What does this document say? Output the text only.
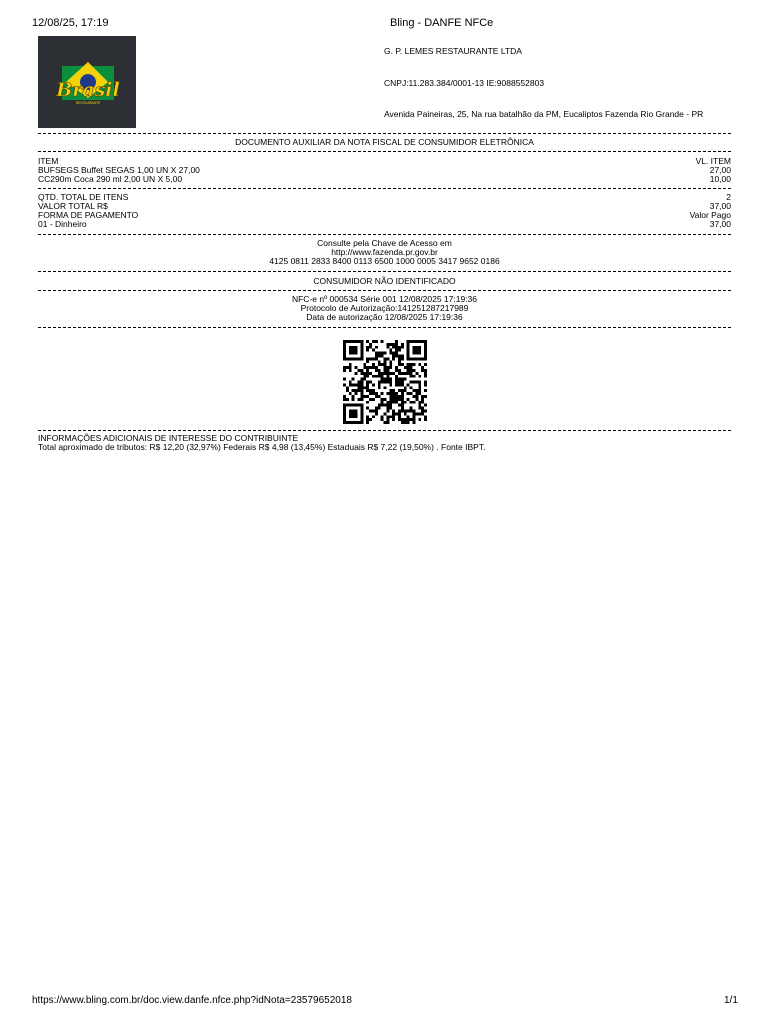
12/08/25, 17:19	Bling - DANFE NFCe
Brasil
RESTAURANTE
G. P. LEMES RESTAURANTE LTDA
CNPJ:11.283.384/0001-13 IE:9088552803
Avenida Paineiras, 25, Na rua batalhão da PM, Eucaliptos Fazenda Rio Grande - PR
DOCUMENTO AUXILIAR DA NOTA FISCAL DE CONSUMIDOR ELETRÔNICA
ITEM	VL. ITEM
BUFSEGS Buffet SEGAS 1,00 UN X 27,00	27,00
CC290m Coca 290 ml 2,00 UN X 5,00	10,00
QTD. TOTAL DE ITENS	2
VALOR TOTAL R$	37,00
FORMA DE PAGAMENTO	Valor Pago
01 - Dinheiro	37,00
Consulte pela Chave de Acesso em
http://www.fazenda.pr.gov.br
4125 0811 2833 8400 0113 6500 1000 0005 3417 9652 0186
CONSUMIDOR NÃO IDENTIFICADO
NFC-e nº 000534 Série 001 12/08/2025 17:19:36
Protocolo de Autorização:141251287217989
Data de autorização 12/08/2025 17:19:36
INFORMAÇÕES ADICIONAIS DE INTERESSE DO CONTRIBUINTE
Total aproximado de tributos: R$ 12,20 (32,97%) Federais R$ 4,98 (13,45%) Estaduais R$ 7,22 (19,50%) . Fonte IBPT.
https://www.bling.com.br/doc.view.danfe.nfce.php?idNota=23579652018	1/1
